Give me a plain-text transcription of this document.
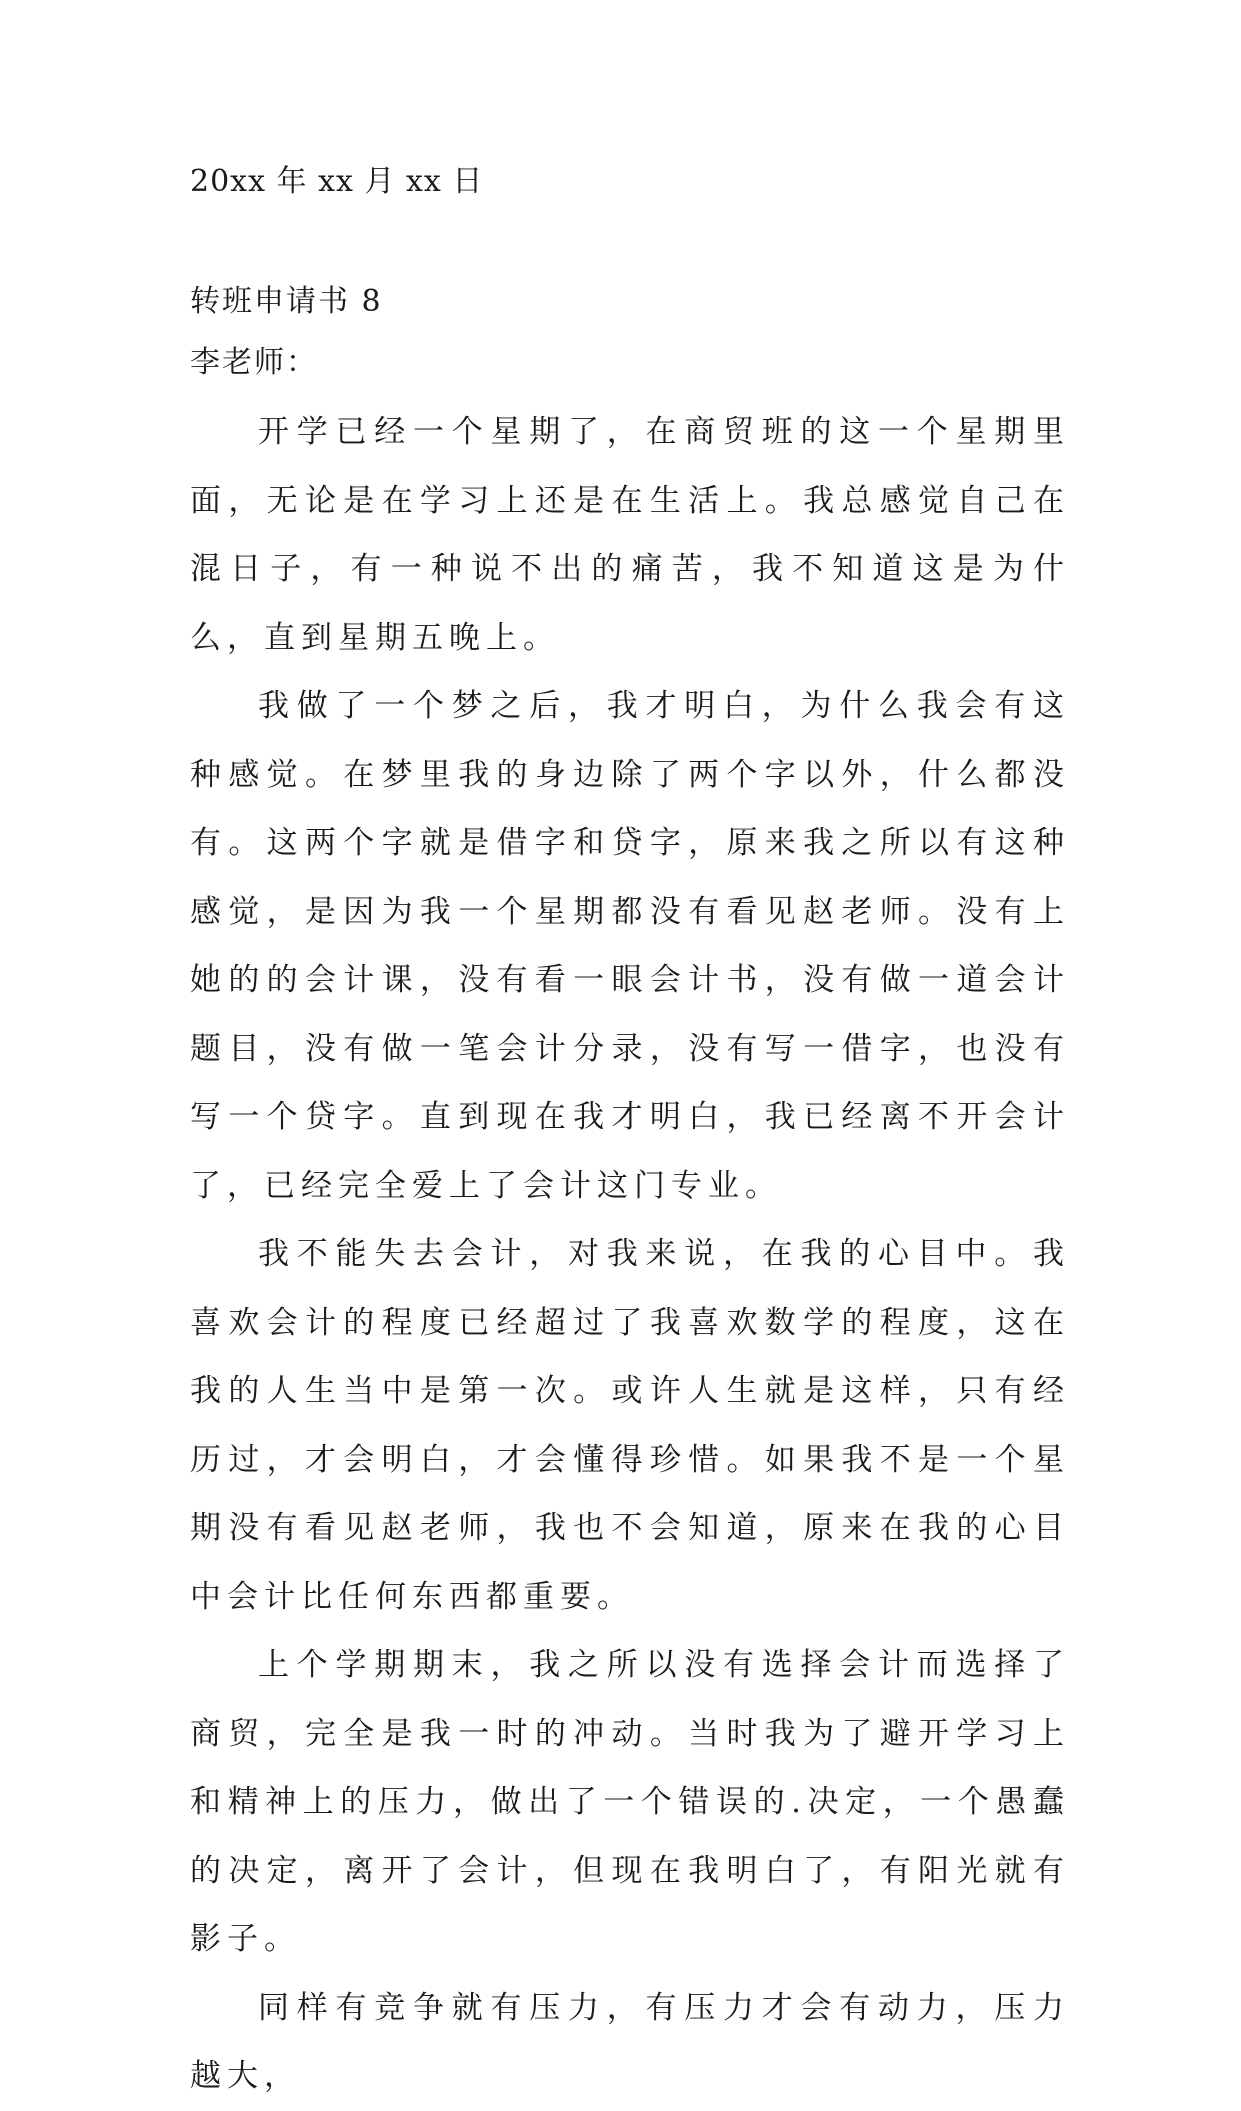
20xx 年 xx 月 xx 日
转班申请书 8
李老师：

开学已经一个星期了，在商贸班的这一个星期里面，无论是在学习上还是在生活上。我总感觉自己在混日子，有一种说不出的痛苦，我不知道这是为什么，直到星期五晚上。

我做了一个梦之后，我才明白，为什么我会有这种感觉。在梦里我的身边除了两个字以外，什么都没有。这两个字就是借字和贷字，原来我之所以有这种感觉，是因为我一个星期都没有看见赵老师。没有上她的的会计课，没有看一眼会计书，没有做一道会计题目，没有做一笔会计分录，没有写一借字，也没有写一个贷字。直到现在我才明白，我已经离不开会计了，已经完全爱上了会计这门专业。

我不能失去会计，对我来说，在我的心目中。我喜欢会计的程度已经超过了我喜欢数学的程度，这在我的人生当中是第一次。或许人生就是这样，只有经历过，才会明白，才会懂得珍惜。如果我不是一个星期没有看见赵老师，我也不会知道，原来在我的心目中会计比任何东西都重要。

上个学期期末，我之所以没有选择会计而选择了商贸，完全是我一时的冲动。当时我为了避开学习上和精神上的压力，做出了一个错误的.决定，一个愚蠢的决定，离开了会计，但现在我明白了，有阳光就有影子。

同样有竞争就有压力，有压力才会有动力，压力越大，
